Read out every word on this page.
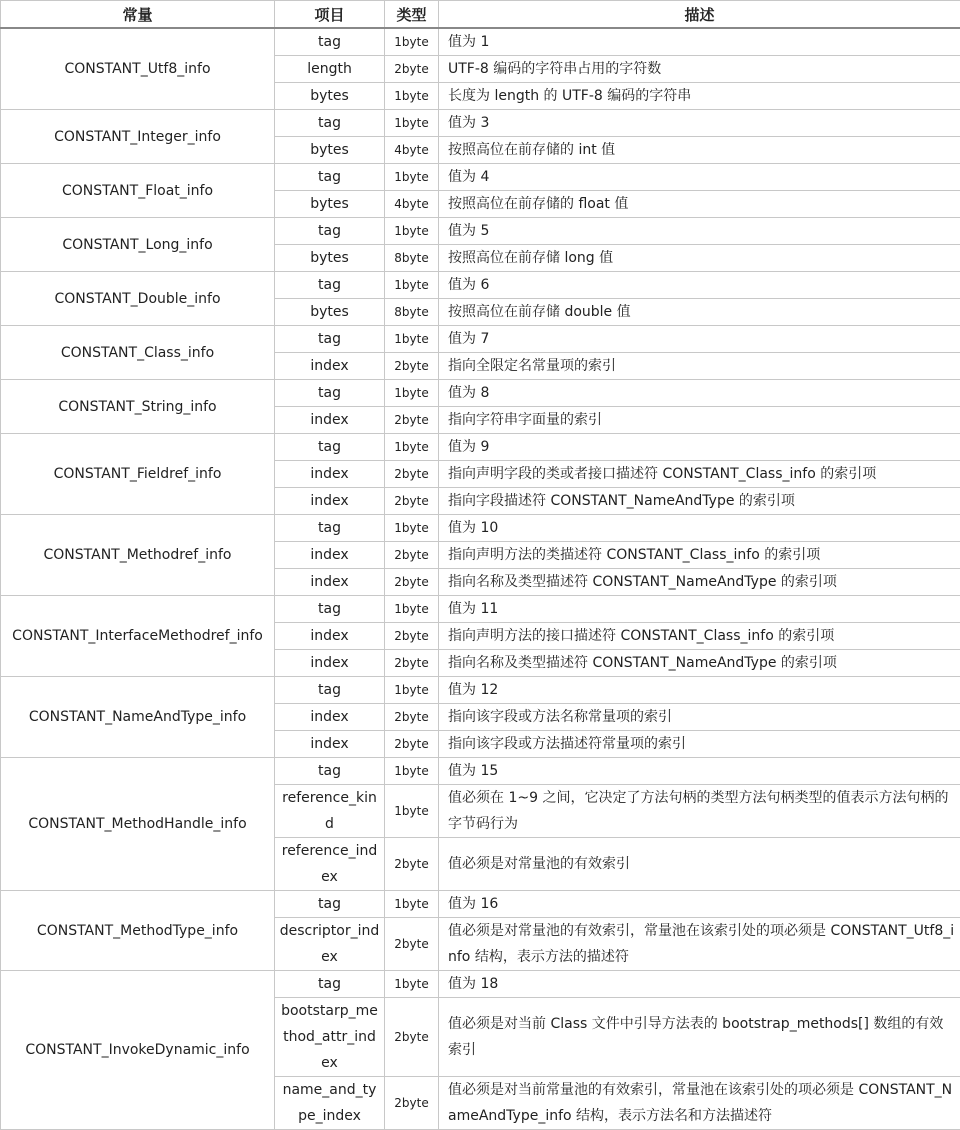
常量	项目	类型	描述
CONSTANT_Utf8_info	tag	1byte	值为 1
	length	2byte	UTF-8 编码的字符串占用的字符数
	bytes	1byte	长度为 length 的 UTF-8 编码的字符串
CONSTANT_Integer_info	tag	1byte	值为 3
	bytes	4byte	按照高位在前存储的 int 值
CONSTANT_Float_info	tag	1byte	值为 4
	bytes	4byte	按照高位在前存储的 float 值
CONSTANT_Long_info	tag	1byte	值为 5
	bytes	8byte	按照高位在前存储 long 值
CONSTANT_Double_info	tag	1byte	值为 6
	bytes	8byte	按照高位在前存储 double 值
CONSTANT_Class_info	tag	1byte	值为 7
	index	2byte	指向全限定名常量项的索引
CONSTANT_String_info	tag	1byte	值为 8
	index	2byte	指向字符串字面量的索引
CONSTANT_Fieldref_info	tag	1byte	值为 9
	index	2byte	指向声明字段的类或者接口描述符 CONSTANT_Class_info 的索引项
	index	2byte	指向字段描述符 CONSTANT_NameAndType 的索引项
CONSTANT_Methodref_info	tag	1byte	值为 10
	index	2byte	指向声明方法的类描述符 CONSTANT_Class_info 的索引项
	index	2byte	指向名称及类型描述符 CONSTANT_NameAndType 的索引项
CONSTANT_InterfaceMethodref_info	tag	1byte	值为 11
	index	2byte	指向声明方法的接口描述符 CONSTANT_Class_info 的索引项
	index	2byte	指向名称及类型描述符 CONSTANT_NameAndType 的索引项
CONSTANT_NameAndType_info	tag	1byte	值为 12
	index	2byte	指向该字段或方法名称常量项的索引
	index	2byte	指向该字段或方法描述符常量项的索引
CONSTANT_MethodHandle_info	tag	1byte	值为 15
	reference_kind	1byte	值必须在 1~9 之间，它决定了方法句柄的类型方法句柄类型的值表示方法句柄的字节码行为
	reference_index	2byte	值必须是对常量池的有效索引
CONSTANT_MethodType_info	tag	1byte	值为 16
	descriptor_index	2byte	值必须是对常量池的有效索引，常量池在该索引处的项必须是 CONSTANT_Utf8_info 结构，表示方法的描述符
CONSTANT_InvokeDynamic_info	tag	1byte	值为 18
	bootstarp_method_attr_index	2byte	值必须是对当前 Class 文件中引导方法表的 bootstrap_methods[] 数组的有效索引
	name_and_type_index	2byte	值必须是对当前常量池的有效索引，常量池在该索引处的项必须是 CONSTANT_NameAndType_info 结构，表示方法名和方法描述符
